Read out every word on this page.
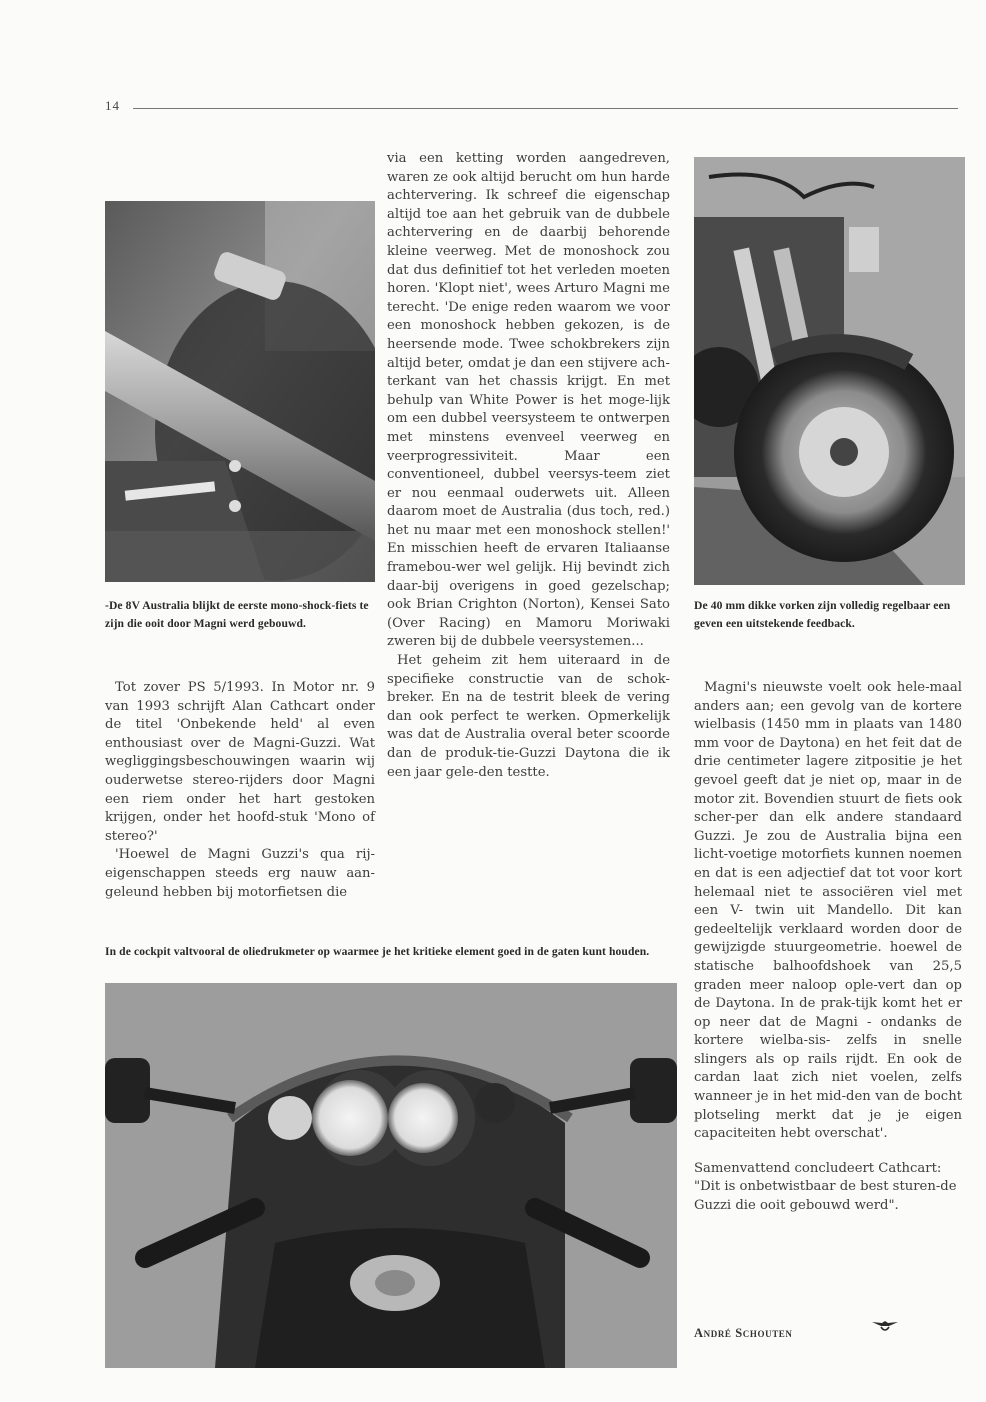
14
-De 8V Australia blijkt de eerste mono-shock-fiets te zijn die ooit door Magni werd gebouwd.

Tot zover PS 5/1993. In Motor nr. 9 van 1993 schrijft Alan Cathcart onder de titel 'Onbekende held' al even enthousiast over de Magni-Guzzi. Wat wegliggingsbeschouwingen waarin wij ouderwetse stereo-rijders door Magni een riem onder het hart gestoken krijgen, onder het hoofd-stuk 'Mono of stereo?'

'Hoewel de Magni Guzzi's qua rij-eigenschappen steeds erg nauw aan-geleund hebben bij motorfietsen die

via een ketting worden aangedreven, waren ze ook altijd berucht om hun harde achtervering. Ik schreef die eigenschap altijd toe aan het gebruik van de dubbele achtervering en de daarbij behorende kleine veerweg. Met de monoshock zou dat dus definitief tot het verleden moeten horen. 'Klopt niet', wees Arturo Magni me terecht. 'De enige reden waarom we voor een monoshock hebben gekozen, is de heersende mode. Twee schokbrekers zijn altijd beter, omdat je dan een stijvere ach-terkant van het chassis krijgt. En met behulp van White Power is het moge-lijk om een dubbel veersysteem te ontwerpen met minstens evenveel veerweg en veerprogressiviteit. Maar een conventioneel, dubbel veersys-teem ziet er nou eenmaal ouderwets uit. Alleen daarom moet de Australia (dus toch, red.) het nu maar met een monoshock stellen!' En misschien heeft de ervaren Italiaanse framebou-wer wel gelijk. Hij bevindt zich daar-bij overigens in goed gezelschap; ook Brian Crighton (Norton), Kensei Sato (Over Racing) en Mamoru Moriwaki zweren bij de dubbele veersystemen...

Het geheim zit hem uiteraard in de specifieke constructie van de schok-breker. En na de testrit bleek de vering dan ook perfect te werken. Opmerkelijk was dat de Australia overal beter scoorde dan de produk-tie-Guzzi Daytona die ik een jaar gele-den testte.

De 40 mm dikke vorken zijn volledig regelbaar een geven een uitstekende feedback.

Magni's nieuwste voelt ook hele-maal anders aan; een gevolg van de kortere wielbasis (1450 mm in plaats van 1480 mm voor de Daytona) en het feit dat de drie centimeter lagere zitpositie je het gevoel geeft dat je niet op, maar in de motor zit. Bovendien stuurt de fiets ook scher-per dan elk andere standaard Guzzi. Je zou de Australia bijna een licht-voetige motorfiets kunnen noemen en dat is een adjectief dat tot voor kort helemaal niet te associëren viel met een V- twin uit Mandello. Dit kan gedeeltelijk verklaard worden door de gewijzigde stuurgeometrie. hoewel de statische balhoofdshoek van 25,5 graden meer naloop ople-vert dan op de Daytona. In de prak-tijk komt het er op neer dat de Magni - ondanks de kortere wielba-sis- zelfs in snelle slingers als op rails rijdt. En ook de cardan laat zich niet voelen, zelfs wanneer je in het mid-den van de bocht plotseling merkt dat je je eigen capaciteiten hebt overschat'.

Samenvattend concludeert Cathcart: "Dit is onbetwistbaar de best sturen-de Guzzi die ooit gebouwd werd".

In de cockpit valtvooral de oliedrukmeter op waarmee je het kritieke element goed in de gaten kunt houden.
André Schouten
